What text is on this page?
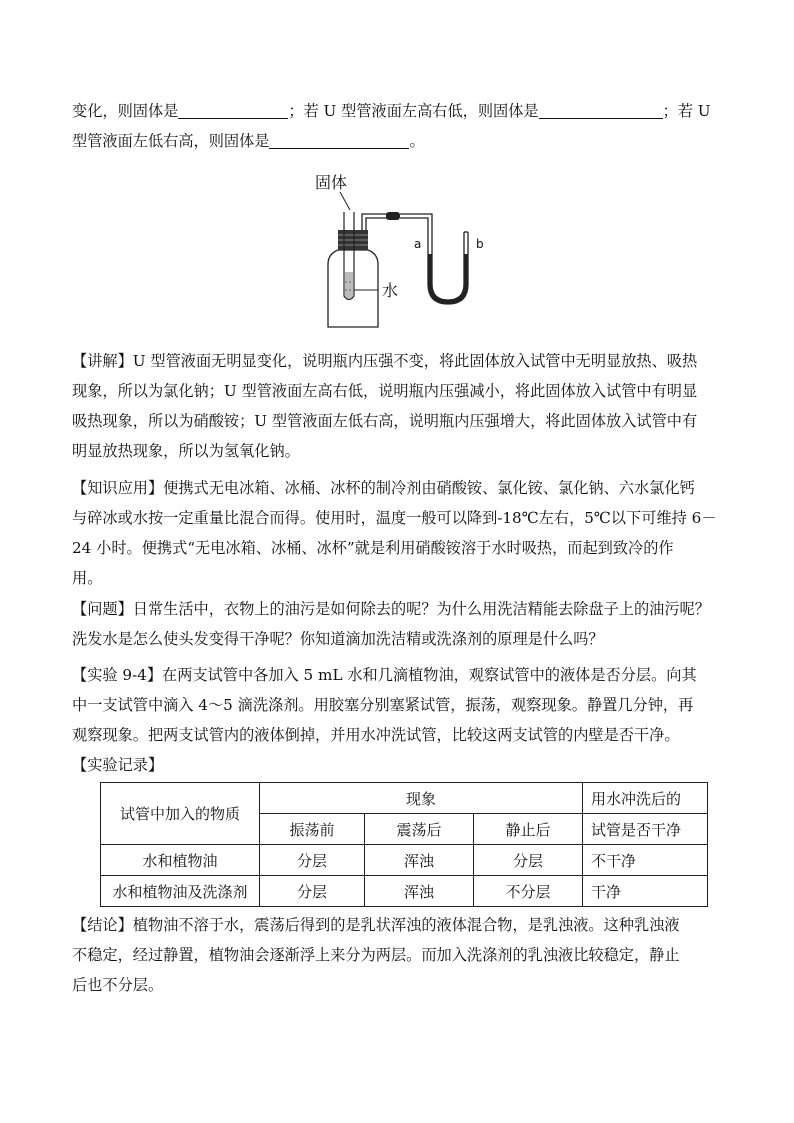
变化，则固体是	；若 U 型管液面左高右低，则固体是	；若 U
型管液面左低右高，则固体是	。
固体
水
a	b
【讲解】U 型管液面无明显变化，说明瓶内压强不变，将此固体放入试管中无明显放热、吸热
现象，所以为氯化钠；U 型管液面左高右低，说明瓶内压强减小，将此固体放入试管中有明显
吸热现象，所以为硝酸铵；U 型管液面左低右高，说明瓶内压强增大，将此固体放入试管中有
明显放热现象，所以为氢氧化钠。
【知识应用】便携式无电冰箱、冰桶、冰杯的制冷剂由硝酸铵、氯化铵、氯化钠、六水氯化钙
与碎冰或水按一定重量比混合而得。使用时，温度一般可以降到-18℃左右，5℃以下可维持 6－
24 小时。便携式“无电冰箱、冰桶、冰杯”就是利用硝酸铵溶于水时吸热，而起到致冷的作
用。
【问题】日常生活中，衣物上的油污是如何除去的呢？为什么用洗洁精能去除盘子上的油污呢？
洗发水是怎么使头发变得干净呢？你知道滴加洗洁精或洗涤剂的原理是什么吗？
【实验 9-4】在两支试管中各加入 5 mL 水和几滴植物油，观察试管中的液体是否分层。向其
中一支试管中滴入 4～5 滴洗涤剂。用胶塞分别塞紧试管，振荡，观察现象。静置几分钟，再
观察现象。把两支试管内的液体倒掉，并用水冲洗试管，比较这两支试管的内壁是否干净。
【实验记录】
试管中加入的物质	现象			用水冲洗后的
	振荡前	震荡后	静止后	试管是否干净
水和植物油	分层	浑浊	分层	不干净
水和植物油及洗涤剂	分层	浑浊	不分层	干净
【结论】植物油不溶于水，震荡后得到的是乳状浑浊的液体混合物，是乳浊液。这种乳浊液
不稳定，经过静置，植物油会逐渐浮上来分为两层。而加入洗涤剂的乳浊液比较稳定，静止
后也不分层。
